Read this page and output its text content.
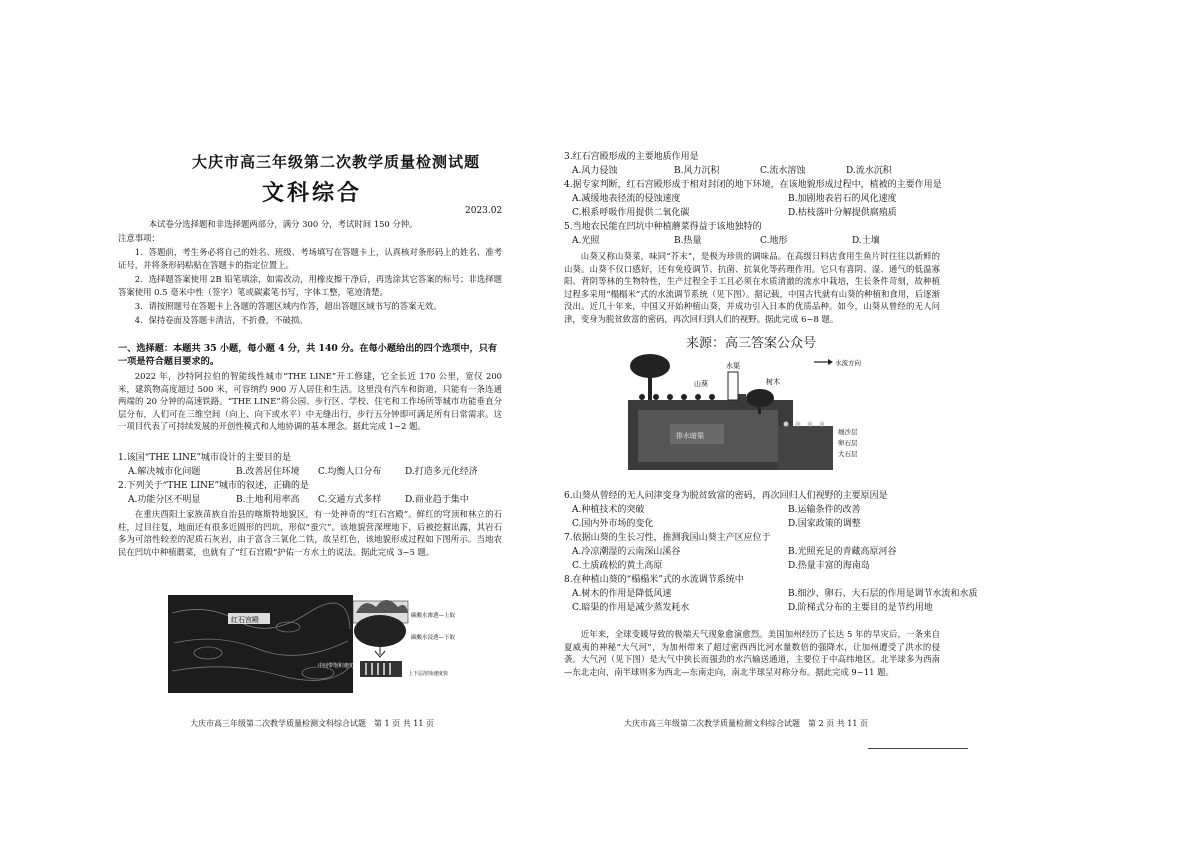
大庆市高三年级第二次教学质量检测试题
文科综合
2023.02
本试卷分选择题和非选择题两部分，满分 300 分，考试时间 150 分钟。
注意事项：
1．答题前，考生务必将自己的姓名、班级、考场填写在答题卡上，认真核对条形码上的姓名、准考证号，并将条形码粘贴在答题卡的指定位置上。
2．选择题答案使用 2B 铅笔填涂，如需改动，用橡皮擦干净后，再选涂其它答案的标号；非选择题答案使用 0.5 毫米中性（签字）笔或碳素笔书写，字体工整，笔迹清楚。
3．请按照题号在答题卡上各题的答题区域内作答，超出答题区域书写的答案无效。
4．保持卷面及答题卡清洁，不折叠，不破损。
一、选择题：本题共 35 小题，每小题 4 分，共 140 分。在每小题给出的四个选项中，只有一项是符合题目要求的。
2022 年，沙特阿拉伯的智能线性城市“THE LINE”开工修建，它全长近 170 公里，宽仅 200 米，建筑物高度超过 500 米，可容纳约 900 万人居住和生活。这里没有汽车和街道，只能有一条连通两端的 20 分钟的高速铁路。“THE LINE”将公园、步行区、学校、住宅和工作场所等城市功能垂直分层分布，人们可在三维空间（向上、向下或水平）中无缝出行，步行五分钟即可满足所有日常需求。这一项目代表了可持续发展的开创性模式和人地协调的基本理念。据此完成 1~2 题。
1.该国“THE LINE”城市设计的主要目的是
A.解决城市化问题	B.改善居住环境 C.均衡人口分布	D.打造多元化经济
2.下列关于“THE LINE”城市的叙述，正确的是
A.功能分区不明显	B.土地利用率高 C.交通方式多样	D.商业趋于集中
在重庆酉阳土家族苗族自治县的喀斯特地貌区，有一处神奇的“红石宫殿”。鲜红的穹顶和林立的石柱，过目往复，地面还有很多近圆形的凹坑，形似“蚕穴”。该地貌营深埋地下，后被挖掘出露，其岩石多为可溶性较差的泥质石灰岩，由于富含三氧化二铁，故呈红色，该地貌形成过程如下图所示。当地农民在凹坑中种植蘑菜，也就有了“红石宫殿”护佑一方水土的说法。据此完成 3~5 题。
红石宫殿	碳酸水渗透—上取
碳酸水浸透—下取
中间带饱和速度慢
上下层溶蚀速度快
大庆市高三年级第二次教学质量检测文科综合试题　第 1 页 共 11 页
3.红石宫殿形成的主要地质作用是
A.风力侵蚀	B.风力沉积	C.流水溶蚀	D.流水沉积
4.据专家判断，红石宫殿形成于相对封闭的地下环境，在该地貌形成过程中，植被的主要作用是
A.减缓地表径流的侵蚀速度	B.加剧地表岩石的风化速度
C.根系呼吸作用提供二氧化碳	D.枯枝落叶分解提供腐殖质
5.当地农民能在凹坑中种植蘑菜得益于该地独特的
A.光照	B.热量	C.地形	D.土壤
山葵又称山葵菜，味同“芥末”，是极为珍贵的调味品。在高级日料店食用生鱼片时往往以新鲜的山葵。山葵不仅口感好，还有免疫调节、抗菌、抗氧化等药理作用。它只有喜阴、湿、通气的低温寡阳、背阴等林的生物特性，生产过程全手工且必须在水质清澈的流水中栽培，生长条件苛刻，故种植过程多采用“榻榻米”式的水流调节系统（见下图）。据记载，中国古代就有山葵的种植和食用，后逐渐没出。近几十年来，中国又开始种植山葵，并成功引入日本的优质品种。如今，山葵从曾经的无人问津，变身为脱贫致富的密码，再次回归到人们的视野。据此完成 6~8 题。
来源：高三答案公众号
排水暗渠
山葵
水渠
树木
水流方向
细沙层
卵石层
大石层
6.山葵从曾经的无人问津变身为脱贫致富的密码，再次回归人们视野的主要原因是
A.种植技术的突破	B.运输条件的改善
C.国内外市场的变化	D.国家政策的调整
7.依据山葵的生长习性，推测我国山葵主产区应位于
A.冷凉潮湿的云南深山溪谷	B.光照充足的青藏高原河谷
C.土质疏松的黄土高原	D.热量丰富的海南岛
8.在种植山葵的“榻榻米”式的水流调节系统中
A.树木的作用是降低风速	B.细沙、卵石、大石层的作用是调节水流和水质
C.暗渠的作用是减少蒸发耗水	D.阶梯式分布的主要目的是节约用地
近年来，全球变暖导致的极端天气现象愈演愈烈。美国加州经历了长达 5 年的旱灾后，一条来自夏威夷的神秘“大气河”，为加州带来了超过密西西比河水量数倍的强降水，让加州遭受了洪水的侵袭。大气河（见下图）是大气中狭长而强劲的水汽输送通道，主要位于中高纬地区。北半球多为西南—东北走向，南半球则多为西北—东南走向，南北半球呈对称分布。据此完成 9~11 题。
大庆市高三年级第二次教学质量检测文科综合试题　第 2 页 共 11 页
